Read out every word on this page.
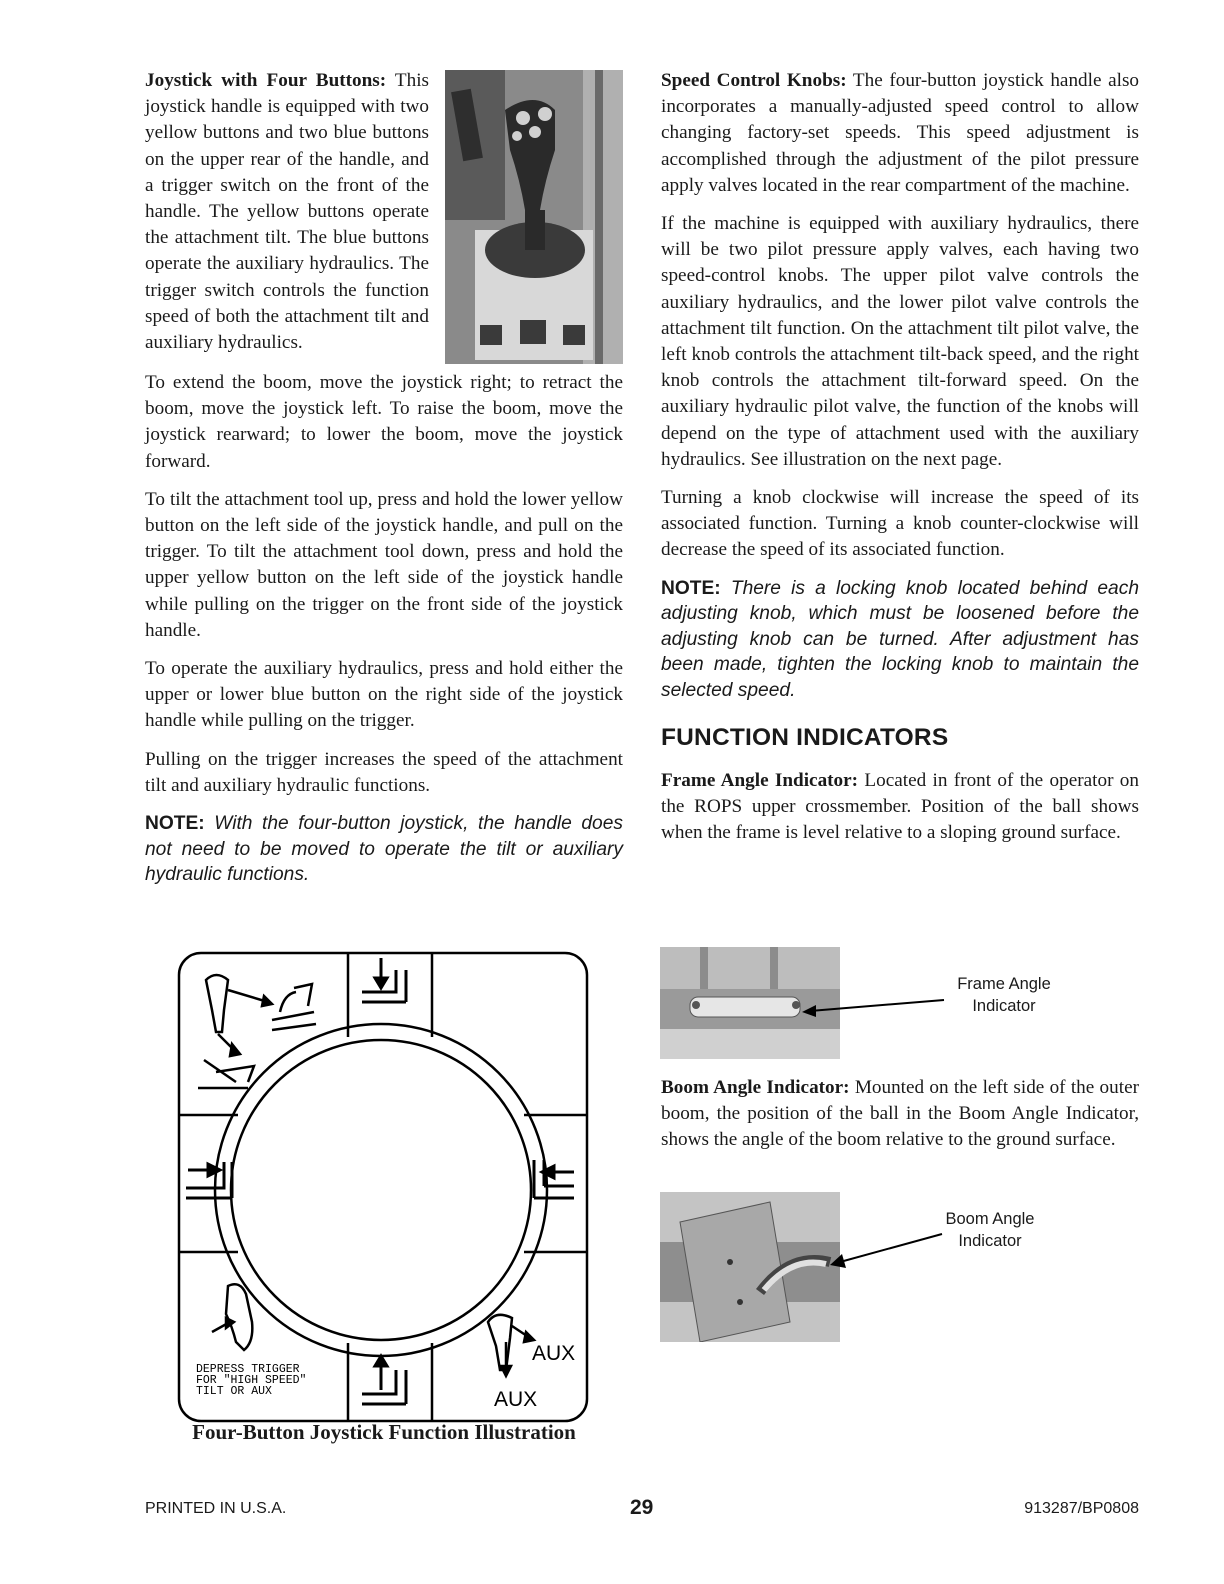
Joystick with Four Buttons: This joystick handle is equipped with two yellow buttons and two blue buttons on the upper rear of the handle, and a trigger switch on the front of the handle. The yellow buttons operate the attachment tilt. The blue buttons operate the auxiliary hydraulics. The trigger switch controls the function speed of both the attachment tilt and auxiliary hydraulics.

To extend the boom, move the joystick right; to retract the boom, move the joystick left. To raise the boom, move the joystick rearward; to lower the boom, move the joystick forward.

To tilt the attachment tool up, press and hold the lower yellow button on the left side of the joystick handle, and pull on the trigger. To tilt the attachment tool down, press and hold the upper yellow button on the left side of the joystick handle while pulling on the trigger on the front side of the joystick handle.

To operate the auxiliary hydraulics, press and hold either the upper or lower blue button on the right side of the joystick handle while pulling on the trigger.

Pulling on the trigger increases the speed of the attachment tilt and auxiliary hydraulic functions.

NOTE: With the four-button joystick, the handle does not need to be moved to operate the tilt or auxiliary hydraulic functions.
DEPRESS TRIGGER
FOR "HIGH SPEED"
TILT OR AUX
AUX
AUX
Four-Button Joystick Function Illustration

Speed Control Knobs: The four-button joystick handle also incorporates a manually-adjusted speed control to allow changing factory-set speeds. This speed adjustment is accomplished through the adjustment of the pilot pressure apply valves located in the rear compartment of the machine.

If the machine is equipped with auxiliary hydraulics, there will be two pilot pressure apply valves, each having two speed-control knobs. The upper pilot valve controls the auxiliary hydraulics, and the lower pilot valve controls the attachment tilt function. On the attachment tilt pilot valve, the left knob controls the attachment tilt-back speed, and the right knob controls the attachment tilt-forward speed. On the auxiliary hydraulic pilot valve, the function of the knobs will depend on the type of attachment used with the auxiliary hydraulics. See illustration on the next page.

Turning a knob clockwise will increase the speed of its associated function. Turning a knob counter-clockwise will decrease the speed of its associated function.

NOTE: There is a locking knob located behind each adjusting knob, which must be loosened before the adjusting knob can be turned. After adjustment has been made, tighten the locking knob to maintain the selected speed.
FUNCTION INDICATORS

Frame Angle Indicator: Located in front of the operator on the ROPS upper crossmember. Position of the ball shows when the frame is level relative to a sloping ground surface.

Frame Angle
Indicator

Boom Angle Indicator: Mounted on the left side of the outer boom, the position of the ball in the Boom Angle Indicator, shows the angle of the boom relative to the ground surface.

Boom Angle
Indicator
PRINTED IN U.S.A.	29	913287/BP0808
